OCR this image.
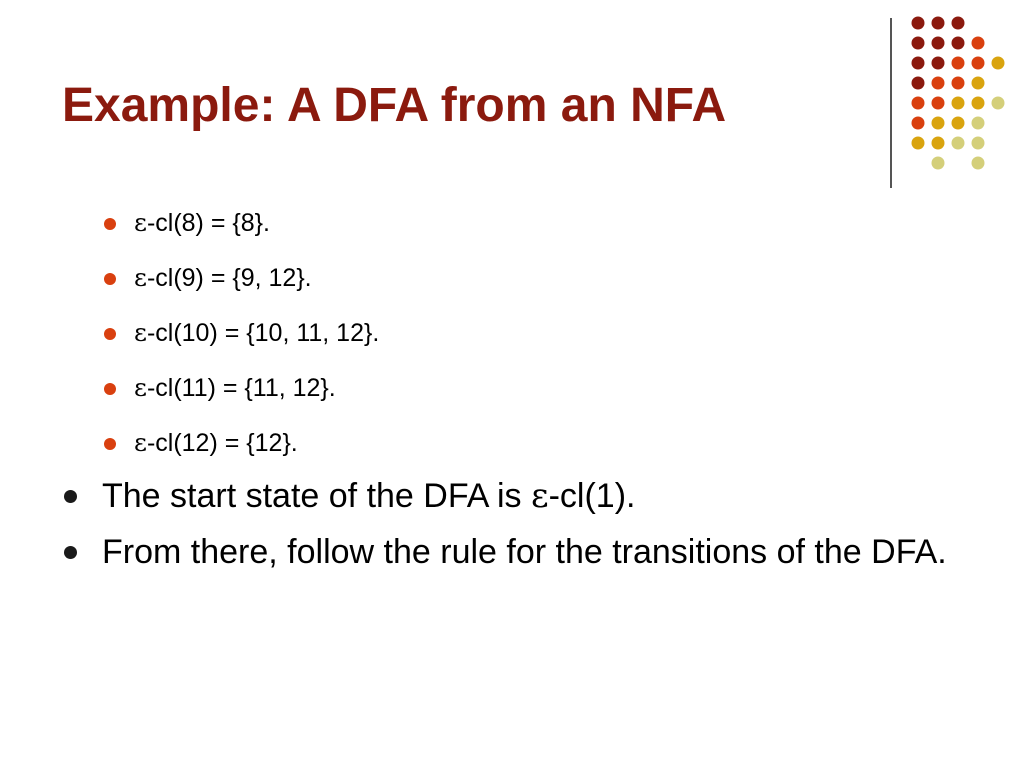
Example: A DFA from an NFA
ε-cl(8) = {8}.
ε-cl(9) = {9, 12}.
ε-cl(10) = {10, 11, 12}.
ε-cl(11) = {11, 12}.
ε-cl(12) = {12}.
The start state of the DFA is ε-cl(1).
From there, follow the rule for the transitions of the DFA.
